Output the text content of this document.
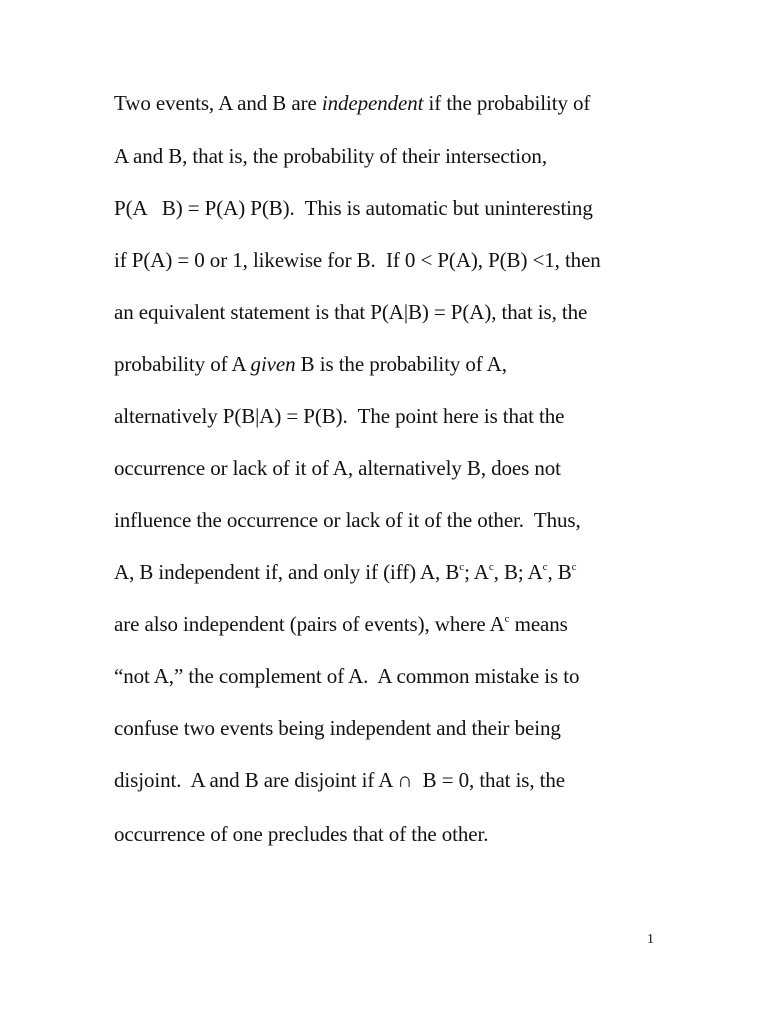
Two events, A and B are independent if the probability of
A and B, that is, the probability of their intersection,
P(A   B) = P(A) P(B).  This is automatic but uninteresting
if P(A) = 0 or 1, likewise for B.  If 0 < P(A), P(B) <1, then
an equivalent statement is that P(A|B) = P(A), that is, the
probability of A given B is the probability of A,
alternatively P(B|A) = P(B).  The point here is that the
occurrence or lack of it of A, alternatively B, does not
influence the occurrence or lack of it of the other.  Thus,
A, B independent if, and only if (iff) A, $B^c$; $A^c$, B; $A^c$, $B^c$
are also independent (pairs of events), where $A^c$ means
“not A,” the complement of A.  A common mistake is to
confuse two events being independent and their being
disjoint.  A and B are disjoint if A ∩  B = 0, that is, the
occurrence of one precludes that of the other.
1
